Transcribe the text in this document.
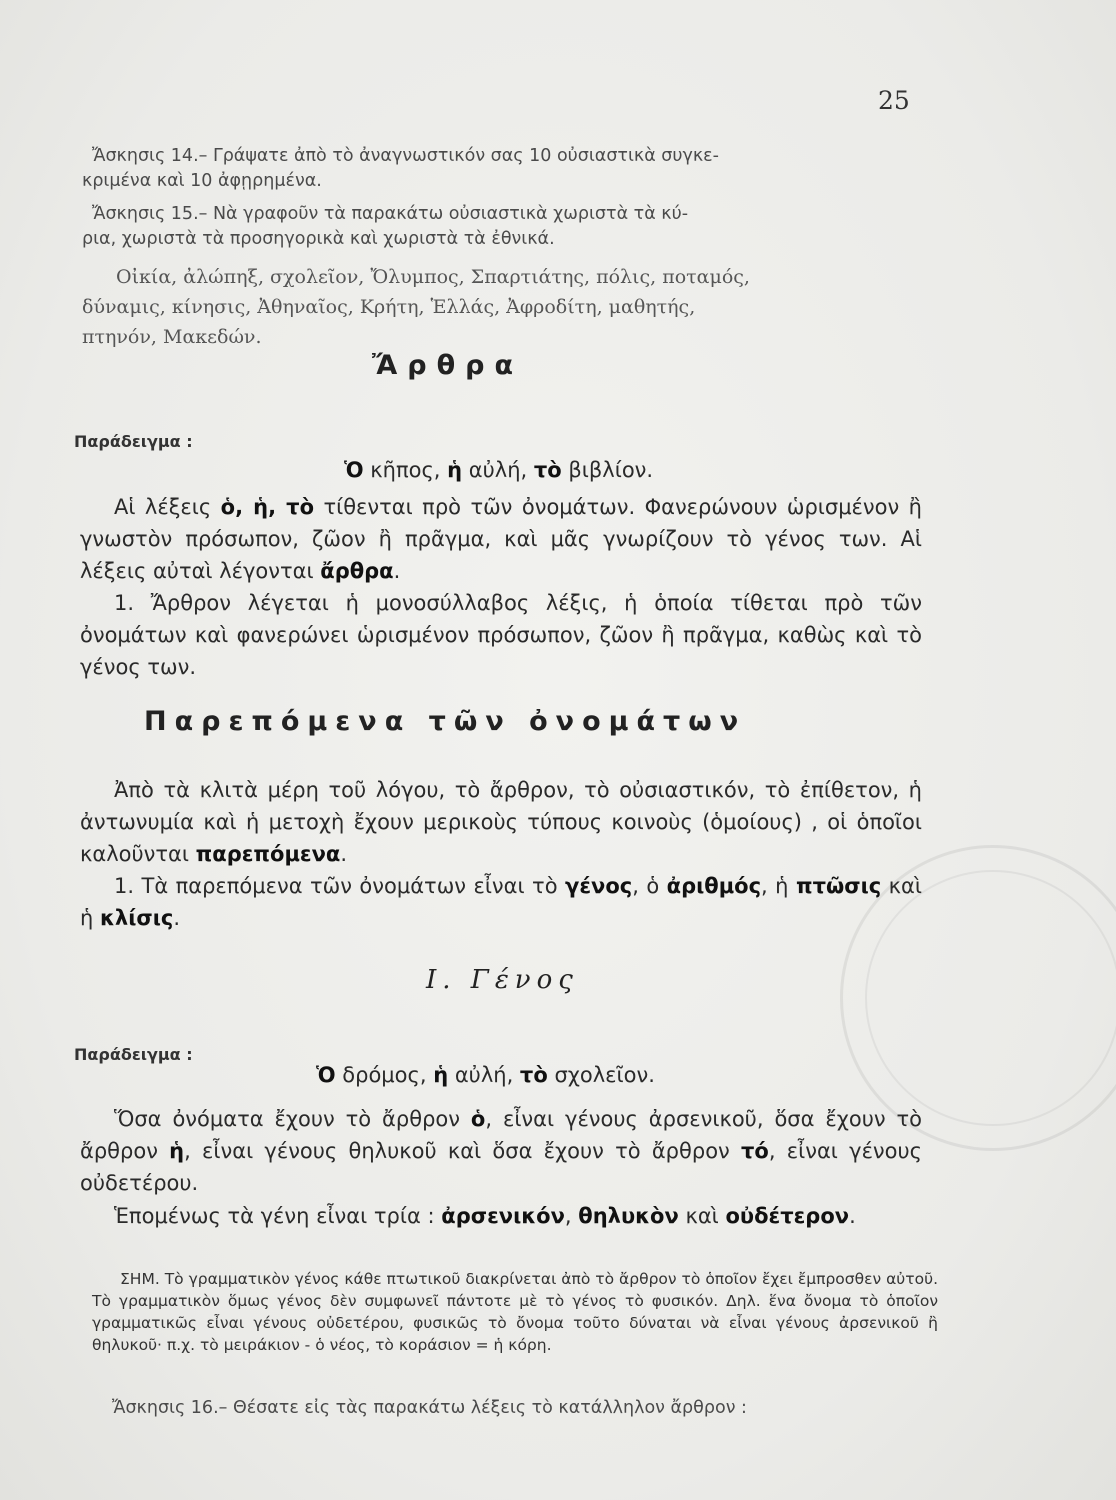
25

Ἄσκησις 14.– Γράψατε ἀπὸ τὸ ἀναγνωστικόν σας 10 οὐσιαστικὰ συγκε-

κριμένα καὶ 10 ἀφῃρημένα.

Ἄσκησις 15.– Νὰ γραφοῦν τὰ παρακάτω οὐσιαστικὰ χωριστὰ τὰ κύ-

ρια, χωριστὰ τὰ προσηγορικὰ καὶ χωριστὰ τὰ ἐθνικά.

Οἰκία, ἀλώπηξ, σχολεῖον, Ὄλυμπος, Σπαρτιάτης, πόλις, ποταμός,

δύναμις, κίνησις, Ἀθηναῖος, Κρήτη, Ἑλλάς, Ἀφροδίτη, μαθητής,

πτηνόν, Μακεδών.

Ἄρθρα
Παράδειγμα :
Ὁ κῆπος, ἡ αὐλή, τὸ βιβλίον.

Αἱ λέξεις ὁ, ἡ, τὸ τίθενται πρὸ τῶν ὀνομάτων. Φανερώνουν ὡρισμένον ἢ γνωστὸν πρόσωπον, ζῶον ἢ πρᾶγμα, καὶ μᾶς γνωρίζουν τὸ γένος των. Αἱ λέξεις αὐταὶ λέγονται ἄρθρα.

1. Ἄρθρον λέγεται ἡ μονοσύλλαβος λέξις, ἡ ὁποία τίθεται πρὸ τῶν ὀνομάτων καὶ φανερώνει ὡρισμένον πρόσωπον, ζῶον ἢ πρᾶγμα, καθὼς καὶ τὸ γένος των.

Παρεπόμενα τῶν ὀνομάτων

Ἀπὸ τὰ κλιτὰ μέρη τοῦ λόγου, τὸ ἄρθρον, τὸ οὐσιαστικόν, τὸ ἐπίθετον, ἡ ἀντωνυμία καὶ ἡ μετοχὴ ἔχουν μερικοὺς τύπους κοινοὺς (ὁμοίους) , οἱ ὁποῖοι καλοῦνται παρεπόμενα.

1. Τὰ παρεπόμενα τῶν ὀνομάτων εἶναι τὸ γένος, ὁ ἀριθμός, ἡ πτῶσις καὶ ἡ κλίσις.

Ι. Γένος
Παράδειγμα :
Ὁ δρόμος, ἡ αὐλή, τὸ σχολεῖον.

Ὅσα ὀνόματα ἔχουν τὸ ἄρθρον ὁ, εἶναι γένους ἀρσενικοῦ, ὅσα ἔχουν τὸ ἄρθρον ἡ, εἶναι γένους θηλυκοῦ καὶ ὅσα ἔχουν τὸ ἄρθρον τό, εἶναι γένους οὐδετέρου.

Ἑπομένως τὰ γένη εἶναι τρία : ἀρσενικόν, θηλυκὸν καὶ οὐδέτερον.

ΣΗΜ. Τὸ γραμματικὸν γένος κάθε πτωτικοῦ διακρίνεται ἀπὸ τὸ ἄρθρον τὸ ὁποῖον ἔχει ἔμπροσθεν αὐτοῦ. Τὸ γραμματικὸν ὅμως γένος δὲν συμφωνεῖ πάντοτε μὲ τὸ γένος τὸ φυσικόν. Δηλ. ἕνα ὄνομα τὸ ὁποῖον γραμματικῶς εἶναι γένους οὐδετέρου, φυσικῶς τὸ ὄνομα τοῦτο δύναται νὰ εἶναι γένους ἀρσενικοῦ ἢ θηλυκοῦ· π.χ. τὸ μειράκιον - ὁ νέος, τὸ κοράσιον = ἡ κόρη.

Ἄσκησις 16.– Θέσατε εἰς τὰς παρακάτω λέξεις τὸ κατάλληλον ἄρθρον :
